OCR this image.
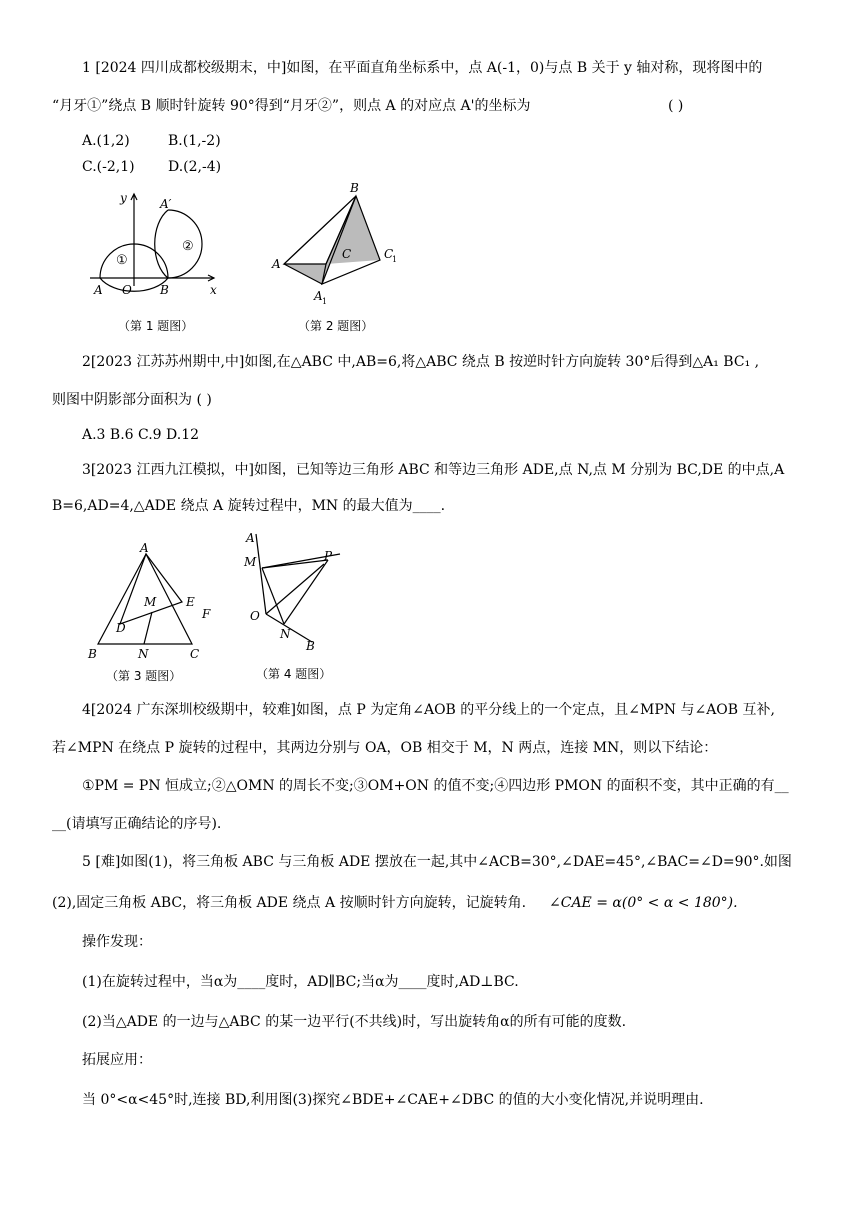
1 [2024 四川成都校级期末，中]如图，在平面直角坐标系中，点 A(-1，0)与点 B 关于 y 轴对称，现将图中的
“月牙①”绕点 B 顺时针旋转 90°得到“月牙②”，则点 A 的对应点 A'的坐标为	( )
A.(1,2)	B.(1,-2)
C.(-2,1) D.(2,-4)
y
x
A O B
A′
①
②
（第 1 题图）
B
A
C	C
1
A 1
（第 2 题图）
2[2023 江苏苏州期中,中]如图,在△ABC 中,AB=6,将△ABC 绕点 B 按逆时针方向旋转 30°后得到△A₁ BC₁ ,
则图中阴影部分面积为 ( )
A.3 B.6 C.9 D.12
3[2023 江西九江模拟，中]如图，已知等边三角形 ABC 和等边三角形 ADE,点 N,点 M 分别为 BC,DE 的中点,A
B=6,AD=4,△ADE 绕点 A 旋转过程中，MN 的最大值为____.
A
M E
F
D
B	N	C
（第 3 题图）
A
M	P
O
N
B
（第 4 题图）
4[2024 广东深圳校级期中，较难]如图，点 P 为定角∠AOB 的平分线上的一个定点，且∠MPN 与∠AOB 互补,
若∠MPN 在绕点 P 旋转的过程中，其两边分别与 OA，OB 相交于 M，N 两点，连接 MN，则以下结论：
①PM = PN 恒成立;②△OMN 的周长不变;③OM+ON 的值不变;④四边形 PMON 的面积不变，其中正确的有__
__(请填写正确结论的序号).
5 [难]如图(1)，将三角板 ABC 与三角板 ADE 摆放在一起,其中∠ACB=30°,∠DAE=45°,∠BAC=∠D=90°.如图
(2),固定三角板 ABC，将三角板 ADE 绕点 A 按顺时针方向旋转，记旋转角. ∠CAE = α(0° < α < 180°).
操作发现：
(1)在旋转过程中，当α为____度时，AD∥BC;当α为____度时,AD⊥BC.
(2)当△ADE 的一边与△ABC 的某一边平行(不共线)时，写出旋转角α的所有可能的度数.
拓展应用：
当 0°<α<45°时,连接 BD,利用图(3)探究∠BDE+∠CAE+∠DBC 的值的大小变化情况,并说明理由.
